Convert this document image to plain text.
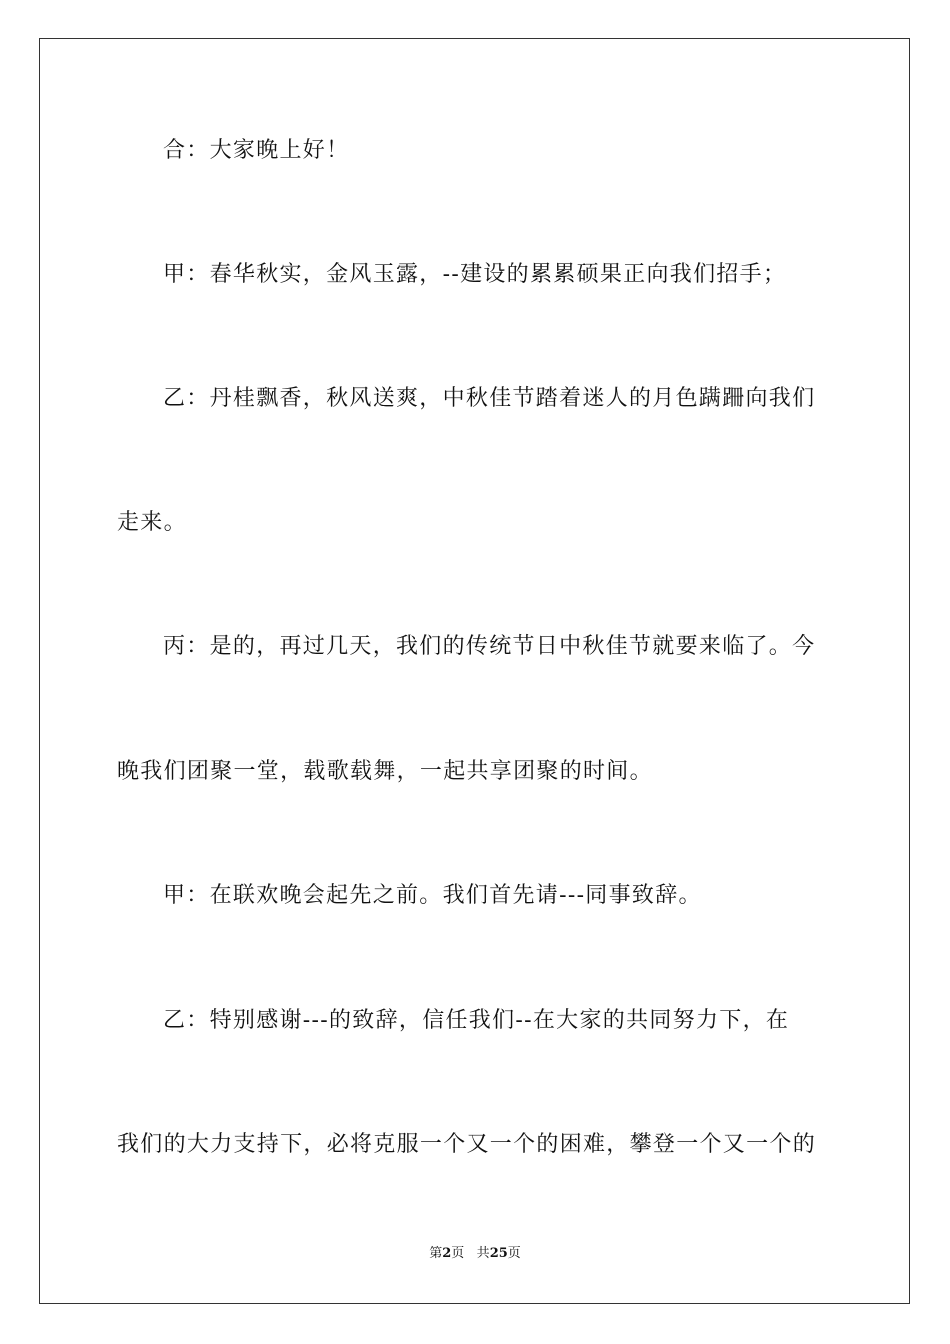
合：大家晚上好！
甲：春华秋实，金风玉露，--建设的累累硕果正向我们招手；
乙：丹桂飘香，秋风送爽，中秋佳节踏着迷人的月色蹒跚向我们
走来。
丙：是的，再过几天，我们的传统节日中秋佳节就要来临了。今
晚我们团聚一堂，载歌载舞，一起共享团聚的时间。
甲：在联欢晚会起先之前。我们首先请---同事致辞。
乙：特别感谢---的致辞，信任我们--在大家的共同努力下，在
我们的大力支持下，必将克服一个又一个的困难，攀登一个又一个的
第2页 共25页
